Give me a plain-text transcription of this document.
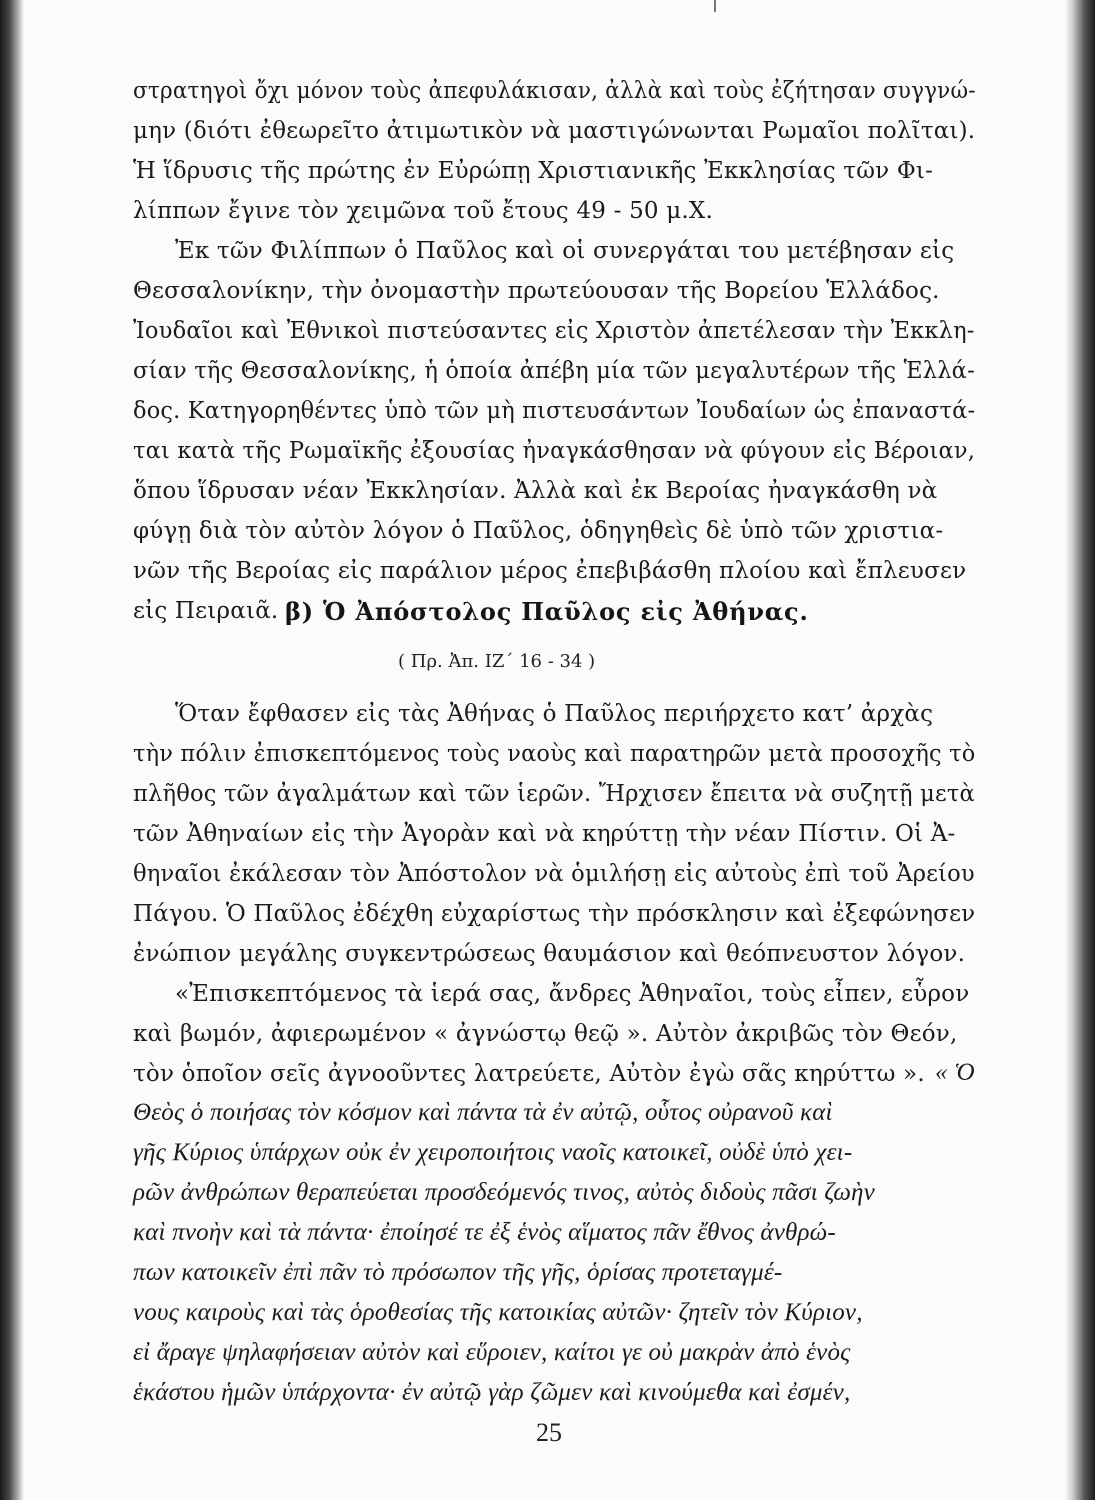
στρατηγοὶ ὄχι μόνον τοὺς ἀπεφυλάκισαν, ἀλλὰ καὶ τοὺς ἐζήτησαν συγγνώ-
μην (διότι ἐθεωρεῖτο ἀτιμωτικὸν νὰ μαστιγώνωνται Ρωμαῖοι πολῖται).
Ἡ ἵδρυσις τῆς πρώτης ἐν Εὐρώπῃ Χριστιανικῆς Ἐκκλησίας τῶν Φι-
λίππων ἔγινε τὸν χειμῶνα τοῦ ἔτους 49 - 50 μ.Χ.
Ἐκ τῶν Φιλίππων ὁ Παῦλος καὶ οἱ συνεργάται του μετέβησαν εἰς
Θεσσαλονίκην, τὴν ὀνομαστὴν πρωτεύουσαν τῆς Βορείου Ἑλλάδος.
Ἰουδαῖοι καὶ Ἐθνικοὶ πιστεύσαντες εἰς Χριστὸν ἀπετέλεσαν τὴν Ἐκκλη-
σίαν τῆς Θεσσαλονίκης, ἡ ὁποία ἀπέβη μία τῶν μεγαλυτέρων τῆς Ἑλλά-
δος. Κατηγορηθέντες ὑπὸ τῶν μὴ πιστευσάντων Ἰουδαίων ὡς ἐπαναστά-
ται κατὰ τῆς Ρωμαϊκῆς ἐξουσίας ἠναγκάσθησαν νὰ φύγουν εἰς Βέροιαν,
ὅπου ἵδρυσαν νέαν Ἐκκλησίαν. Ἀλλὰ καὶ ἐκ Βεροίας ἠναγκάσθη νὰ
φύγῃ διὰ τὸν αὐτὸν λόγον ὁ Παῦλος, ὁδηγηθεὶς δὲ ὑπὸ τῶν χριστια-
νῶν τῆς Βεροίας εἰς παράλιον μέρος ἐπεβιβάσθη πλοίου καὶ ἔπλευσεν
εἰς Πειραιᾶ. β) Ὁ Ἀπόστολος Παῦλος εἰς Ἀθήνας.
( Πρ. Ἀπ. ΙΖ΄ 16 - 34 )
Ὅταν ἔφθασεν εἰς τὰς Ἀθήνας ὁ Παῦλος περιήρχετο κατ’ ἀρχὰς
τὴν πόλιν ἐπισκεπτόμενος τοὺς ναοὺς καὶ παρατηρῶν μετὰ προσοχῆς τὸ
πλῆθος τῶν ἀγαλμάτων καὶ τῶν ἱερῶν. Ἤρχισεν ἔπειτα νὰ συζητῇ μετὰ
τῶν Ἀθηναίων εἰς τὴν Ἀγορὰν καὶ νὰ κηρύττῃ τὴν νέαν Πίστιν. Οἱ Ἀ-
θηναῖοι ἐκάλεσαν τὸν Ἀπόστολον νὰ ὁμιλήσῃ εἰς αὐτοὺς ἐπὶ τοῦ Ἀρείου
Πάγου. Ὁ Παῦλος ἐδέχθη εὐχαρίστως τὴν πρόσκλησιν καὶ ἐξεφώνησεν
ἐνώπιον μεγάλης συγκεντρώσεως θαυμάσιον καὶ θεόπνευστον λόγον.
«Ἐπισκεπτόμενος τὰ ἱερά σας, ἄνδρες Ἀθηναῖοι, τοὺς εἶπεν, εὗρον
καὶ βωμόν, ἀφιερωμένον « ἀγνώστῳ θεῷ ». Αὐτὸν ἀκριβῶς τὸν Θεόν,
τὸν ὁποῖον σεῖς ἀγνοοῦντες λατρεύετε, Αὐτὸν ἐγὼ σᾶς κηρύττω ». « Ὁ
Θεὸς ὁ ποιήσας τὸν κόσμον καὶ πάντα τὰ ἐν αὐτῷ, οὗτος οὐρανοῦ καὶ
γῆς Κύριος ὑπάρχων οὐκ ἐν χειροποιήτοις ναοῖς κατοικεῖ, οὐδὲ ὑπὸ χει-
ρῶν ἀνθρώπων θεραπεύεται προσδεόμενός τινος, αὐτὸς διδοὺς πᾶσι ζωὴν
καὶ πνοὴν καὶ τὰ πάντα· ἐποίησέ τε ἐξ ἑνὸς αἵματος πᾶν ἔθνος ἀνθρώ-
πων κατοικεῖν ἐπὶ πᾶν τὸ πρόσωπον τῆς γῆς, ὁρίσας προτεταγμέ-
νους καιροὺς καὶ τὰς ὁροθεσίας τῆς κατοικίας αὐτῶν· ζητεῖν τὸν Κύριον,
εἰ ἄραγε ψηλαφήσειαν αὐτὸν καὶ εὕροιεν, καίτοι γε οὐ μακρὰν ἀπὸ ἑνὸς
ἑκάστου ἡμῶν ὑπάρχοντα· ἐν αὐτῷ γὰρ ζῶμεν καὶ κινούμεθα καὶ ἐσμέν,
25
